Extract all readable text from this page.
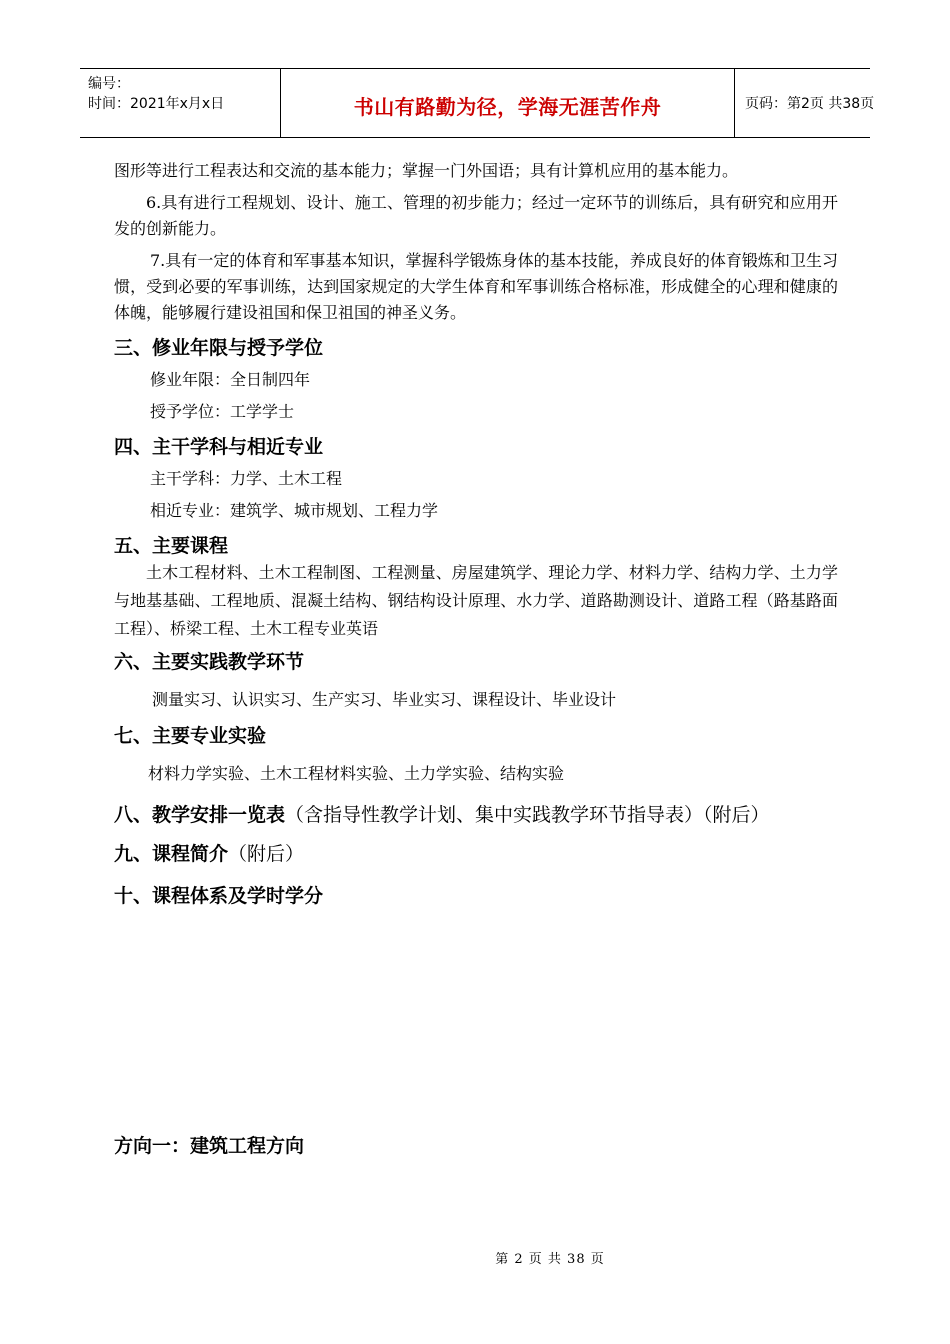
编号：
时间：2021年x月x日	书山有路勤为径，学海无涯苦作舟	页码：第2页 共38页
图形等进行工程表达和交流的基本能力；掌握一门外国语；具有计算机应用的基本能力。
6.具有进行工程规划、设计、施工、管理的初步能力；经过一定环节的训练后，具有研究和应用开发的创新能力。
7.具有一定的体育和军事基本知识，掌握科学锻炼身体的基本技能，养成良好的体育锻炼和卫生习惯，受到必要的军事训练，达到国家规定的大学生体育和军事训练合格标准，形成健全的心理和健康的体魄，能够履行建设祖国和保卫祖国的神圣义务。
三、修业年限与授予学位
修业年限：全日制四年
授予学位：工学学士
四、主干学科与相近专业
主干学科：力学、土木工程
相近专业：建筑学、城市规划、工程力学
五、主要课程
土木工程材料、土木工程制图、工程测量、房屋建筑学、理论力学、材料力学、结构力学、土力学与地基基础、工程地质、混凝土结构、钢结构设计原理、水力学、道路勘测设计、道路工程（路基路面工程）、桥梁工程、土木工程专业英语
六、主要实践教学环节
测量实习、认识实习、生产实习、毕业实习、课程设计、毕业设计
七、主要专业实验
材料力学实验、土木工程材料实验、土力学实验、结构实验
八、教学安排一览表（含指导性教学计划、集中实践教学环节指导表）（附后）
九、课程简介（附后）
十、课程体系及学时学分
方向一：建筑工程方向
第 2 页 共 38 页
